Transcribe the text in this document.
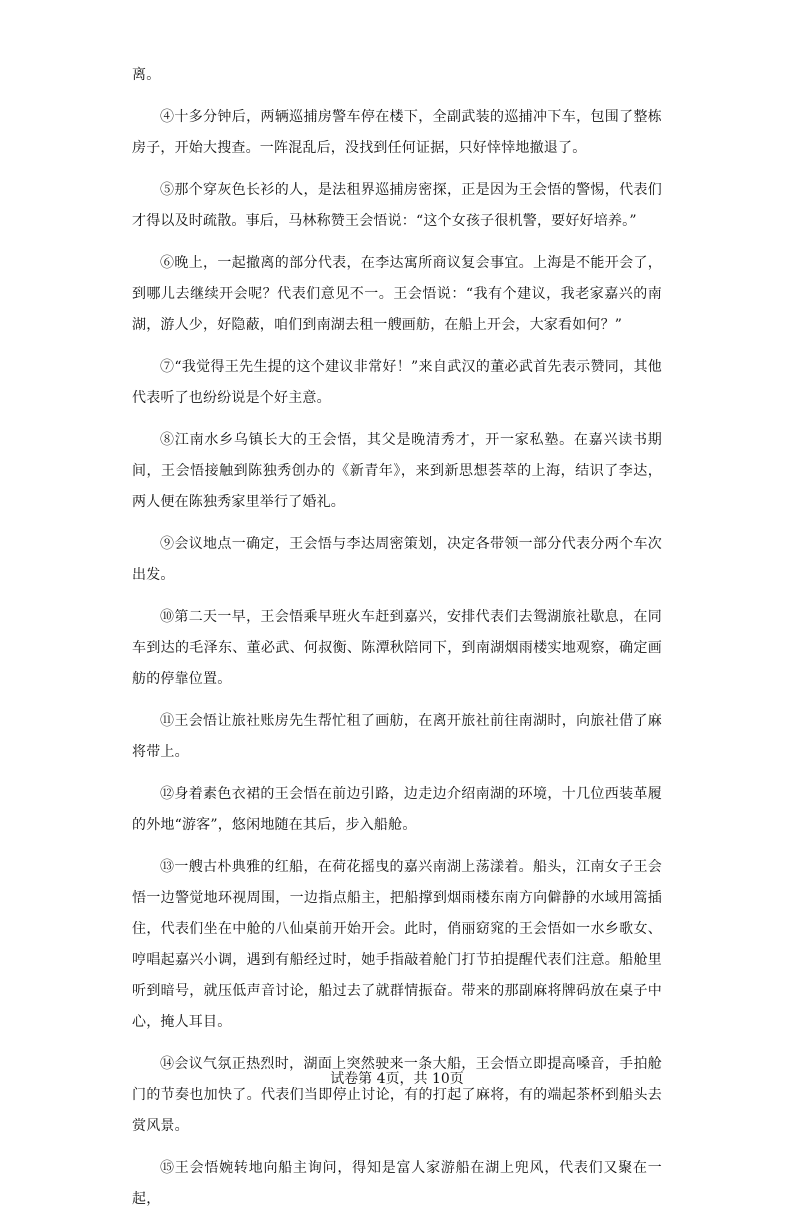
离。

④十多分钟后，两辆巡捕房警车停在楼下，全副武装的巡捕冲下车，包围了整栋房子，开始大搜查。一阵混乱后，没找到任何证据，只好悻悻地撤退了。

⑤那个穿灰色长衫的人，是法租界巡捕房密探，正是因为王会悟的警惕，代表们才得以及时疏散。事后，马林称赞王会悟说：“这个女孩子很机警，要好好培养。”

⑥晚上，一起撤离的部分代表，在李达寓所商议复会事宜。上海是不能开会了，到哪儿去继续开会呢？代表们意见不一。王会悟说：“我有个建议，我老家嘉兴的南湖，游人少，好隐蔽，咱们到南湖去租一艘画舫，在船上开会，大家看如何？”

⑦“我觉得王先生提的这个建议非常好！”来自武汉的董必武首先表示赞同，其他代表听了也纷纷说是个好主意。

⑧江南水乡乌镇长大的王会悟，其父是晚清秀才，开一家私塾。在嘉兴读书期间，王会悟接触到陈独秀创办的《新青年》，来到新思想荟萃的上海，结识了李达，两人便在陈独秀家里举行了婚礼。

⑨会议地点一确定，王会悟与李达周密策划，决定各带领一部分代表分两个车次出发。

⑩第二天一早，王会悟乘早班火车赶到嘉兴，安排代表们去鸳湖旅社歇息，在同车到达的毛泽东、董必武、何叔衡、陈潭秋陪同下，到南湖烟雨楼实地观察，确定画舫的停靠位置。

⑪王会悟让旅社账房先生帮忙租了画舫，在离开旅社前往南湖时，向旅社借了麻将带上。

⑫身着素色衣裙的王会悟在前边引路，边走边介绍南湖的环境，十几位西装革履的外地“游客”，悠闲地随在其后，步入船舱。

⑬一艘古朴典雅的红船，在荷花摇曳的嘉兴南湖上荡漾着。船头，江南女子王会悟一边警觉地环视周围，一边指点船主，把船撑到烟雨楼东南方向僻静的水域用篙插住，代表们坐在中舱的八仙桌前开始开会。此时，俏丽窈窕的王会悟如一水乡歌女、哼唱起嘉兴小调，遇到有船经过时，她手指敲着舱门打节拍提醒代表们注意。船舱里听到暗号，就压低声音讨论，船过去了就群情振奋。带来的那副麻将牌码放在桌子中心，掩人耳目。

⑭会议气氛正热烈时，湖面上突然驶来一条大船，王会悟立即提高嗓音，手拍舱门的节奏也加快了。代表们当即停止讨论，有的打起了麻将，有的端起茶杯到船头去赏风景。

⑮王会悟婉转地向船主询问，得知是富人家游船在湖上兜风，代表们又聚在一起，

试卷第 4页，共 10页
